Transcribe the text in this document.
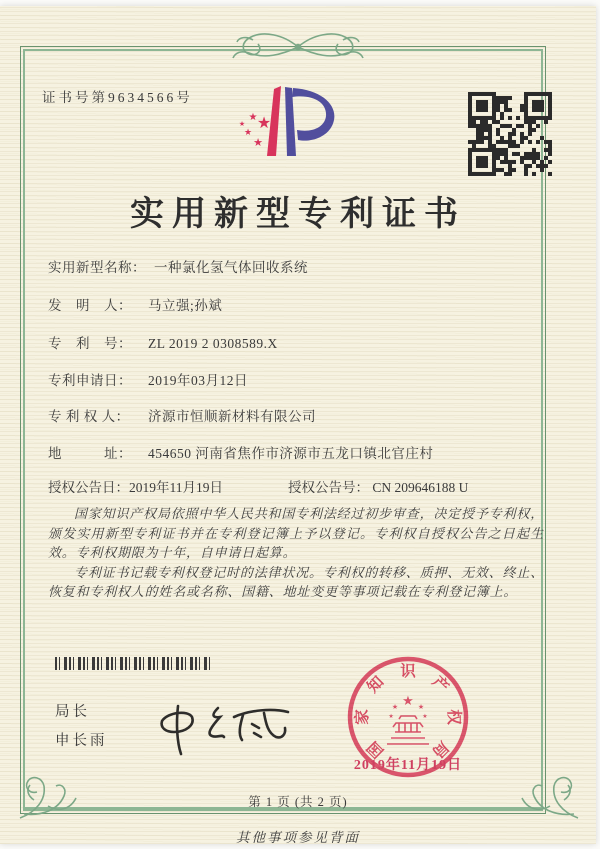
证书号第9634566号
★
★
★
★
★
实用新型专利证书
实用新型名称： 一种氯化氢气体回收系统
发　明　人： 马立强;孙斌
专　利　号： ZL 2019 2 0308589.X
专利申请日： 2019年03月12日
专 利 权 人： 济源市恒顺新材料有限公司
地　　　址： 454650 河南省焦作市济源市五龙口镇北官庄村
授权公告日：2019年11月19日	授权公告号： CN 209646188 U

国家知识产权局依照中华人民共和国专利法经过初步审查，决定授予专利权，颁发实用新型专利证书并在专利登记簿上予以登记。专利权自授权公告之日起生效。专利权期限为十年，自申请日起算。

专利证书记载专利权登记时的法律状况。专利权的转移、质押、无效、终止、恢复和专利权人的姓名或名称、国籍、地址变更等事项记载在专利登记簿上。

局长
申长雨	国
家
知
识
产
权
局
★
★	★
★	★
2019年11月19日
第 1 页 (共 2 页)
其他事项参见背面
